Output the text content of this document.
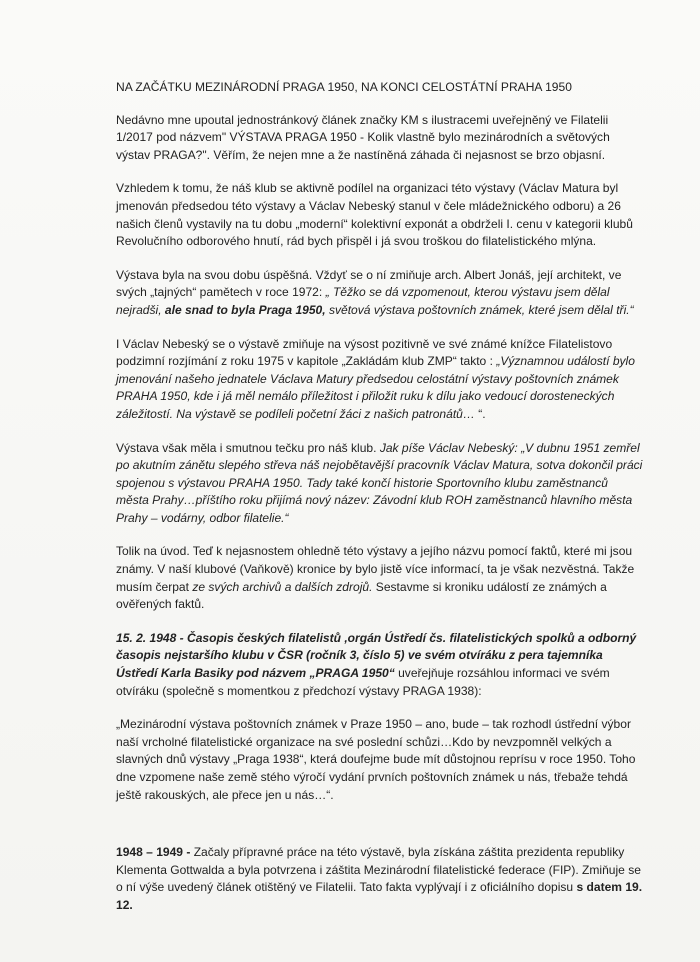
NA ZAČÁTKU MEZINÁRODNÍ PRAGA 1950, NA KONCI CELOSTÁTNÍ PRAHA 1950

Nedávno mne upoutal jednostránkový článek značky KM s ilustracemi uveřejněný ve Filatelii 1/2017 pod názvem" VÝSTAVA PRAGA 1950 - Kolik vlastně bylo mezinárodních a světových výstav PRAGA?". Věřím, že nejen mne a že nastíněná záhada či nejasnost se brzo objasní.

Vzhledem k tomu, že náš klub se aktivně podílel na organizaci této výstavy (Václav Matura byl jmenován předsedou této výstavy a Václav Nebeský stanul v čele mládežnického odboru) a 26 našich členů vystavily na tu dobu „moderní“ kolektivní exponát a obdrželi I. cenu v kategorii klubů Revolučního odborového hnutí, rád bych přispěl i já svou troškou do filatelistického mlýna.

Výstava byla na svou dobu úspěšná. Vždyť se o ní zmiňuje arch. Albert Jonáš, její architekt, ve svých „tajných“ pamětech v roce 1972: „ Těžko se dá vzpomenout, kterou výstavu jsem dělal nejradši, ale snad to byla Praga 1950, světová výstava poštovních známek, které jsem dělal tři.“

I Václav Nebeský se o výstavě zmiňuje na výsost pozitivně ve své známé knížce Filatelistovo podzimní rozjímání z roku 1975 v kapitole „Zakládám klub ZMP“ takto : „Významnou událostí bylo jmenování našeho jednatele Václava Matury předsedou celostátní výstavy poštovních známek PRAHA 1950, kde i já měl nemálo příležitost i přiložit ruku k dílu jako vedoucí dorosteneckých záležitostí. Na výstavě se podíleli početní žáci z našich patronátů… “.

Výstava však měla i smutnou tečku pro náš klub. Jak píše Václav Nebeský: „V dubnu 1951 zemřel po akutním zánětu slepého střeva náš nejobětavější pracovník Václav Matura, sotva dokončil práci spojenou s výstavou PRAHA 1950. Tady také končí historie Sportovního klubu zaměstnanců města Prahy…příštího roku přijímá nový název: Závodní klub ROH zaměstnanců hlavního města Prahy – vodárny, odbor filatelie.“

Tolik na úvod. Teď k nejasnostem ohledně této výstavy a jejího názvu pomocí faktů, které mi jsou známy. V naší klubové (Vaňkově) kronice by bylo jistě více informací, ta je však nezvěstná. Takže musím čerpat ze svých archivů a dalších zdrojů. Sestavme si kroniku událostí ze známých a ověřených faktů.

15. 2. 1948 - Časopis českých filatelistů ,orgán Ústředí čs. filatelistických spolků a odborný časopis nejstaršího klubu v ČSR (ročník 3, číslo 5) ve svém otvíráku z pera tajemníka Ústředí Karla Basiky pod názvem „PRAGA 1950“ uveřejňuje rozsáhlou informaci ve svém otvíráku (společně s momentkou z předchozí výstavy PRAGA 1938):

„Mezinárodní výstava poštovních známek v Praze 1950 – ano, bude – tak rozhodl ústřední výbor naší vrcholné filatelistické organizace na své poslední schůzi…Kdo by nevzpomněl velkých a slavných dnů výstavy „Praga 1938“, která doufejme bude mít důstojnou reprísu v roce 1950. Toho dne vzpomene naše země stého výročí vydání prvních poštovních známek u nás, třebaže tehdá ještě rakouských, ale přece jen u nás…“.

1948 – 1949 - Začaly přípravné práce na této výstavě, byla získána záštita prezidenta republiky Klementa Gottwalda a byla potvrzena i záštita Mezinárodní filatelistické federace (FIP). Zmiňuje se o ní výše uvedený článek otištěný ve Filatelii. Tato fakta vyplývají i z oficiálního dopisu s datem 19. 12.
